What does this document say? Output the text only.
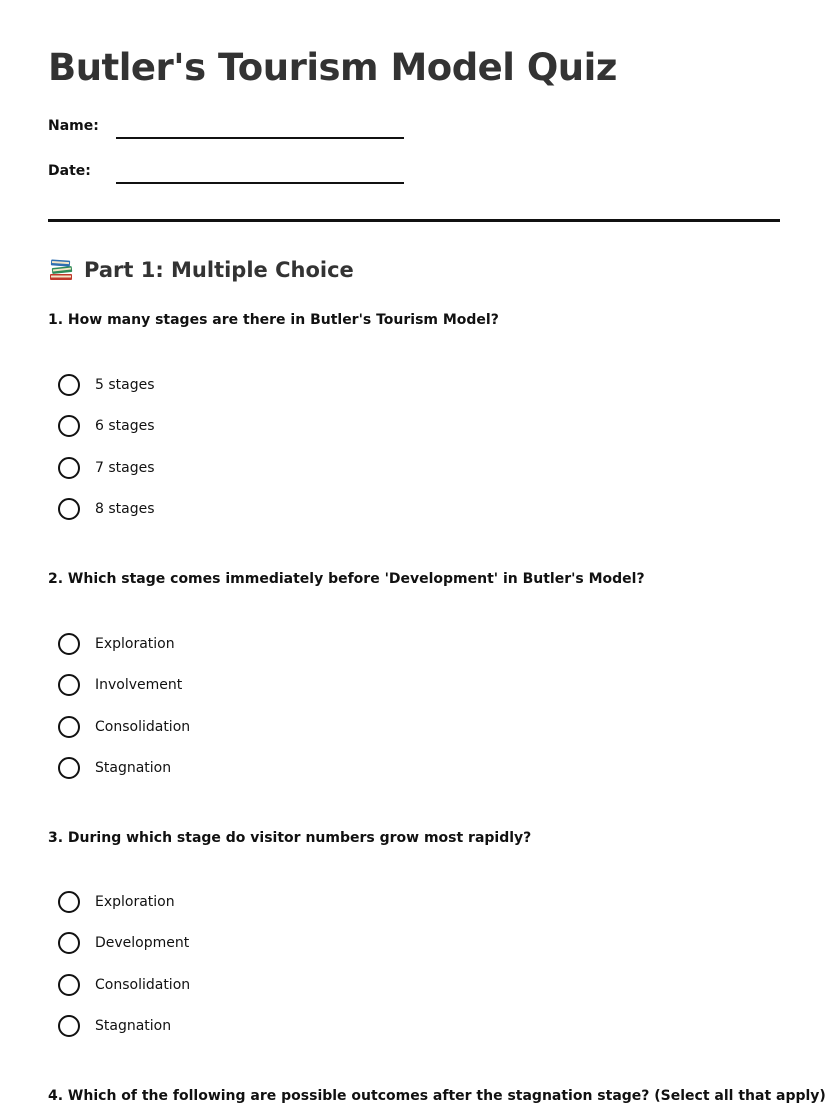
Butler's Tourism Model Quiz
Name:
Date:
Part 1: Multiple Choice

1. How many stages are there in Butler's Tourism Model?

5 stages
6 stages
7 stages
8 stages

2. Which stage comes immediately before 'Development' in Butler's Model?

Exploration
Involvement
Consolidation
Stagnation

3. During which stage do visitor numbers grow most rapidly?

Exploration
Development
Consolidation
Stagnation

4. Which of the following are possible outcomes after the stagnation stage? (Select all that apply)
